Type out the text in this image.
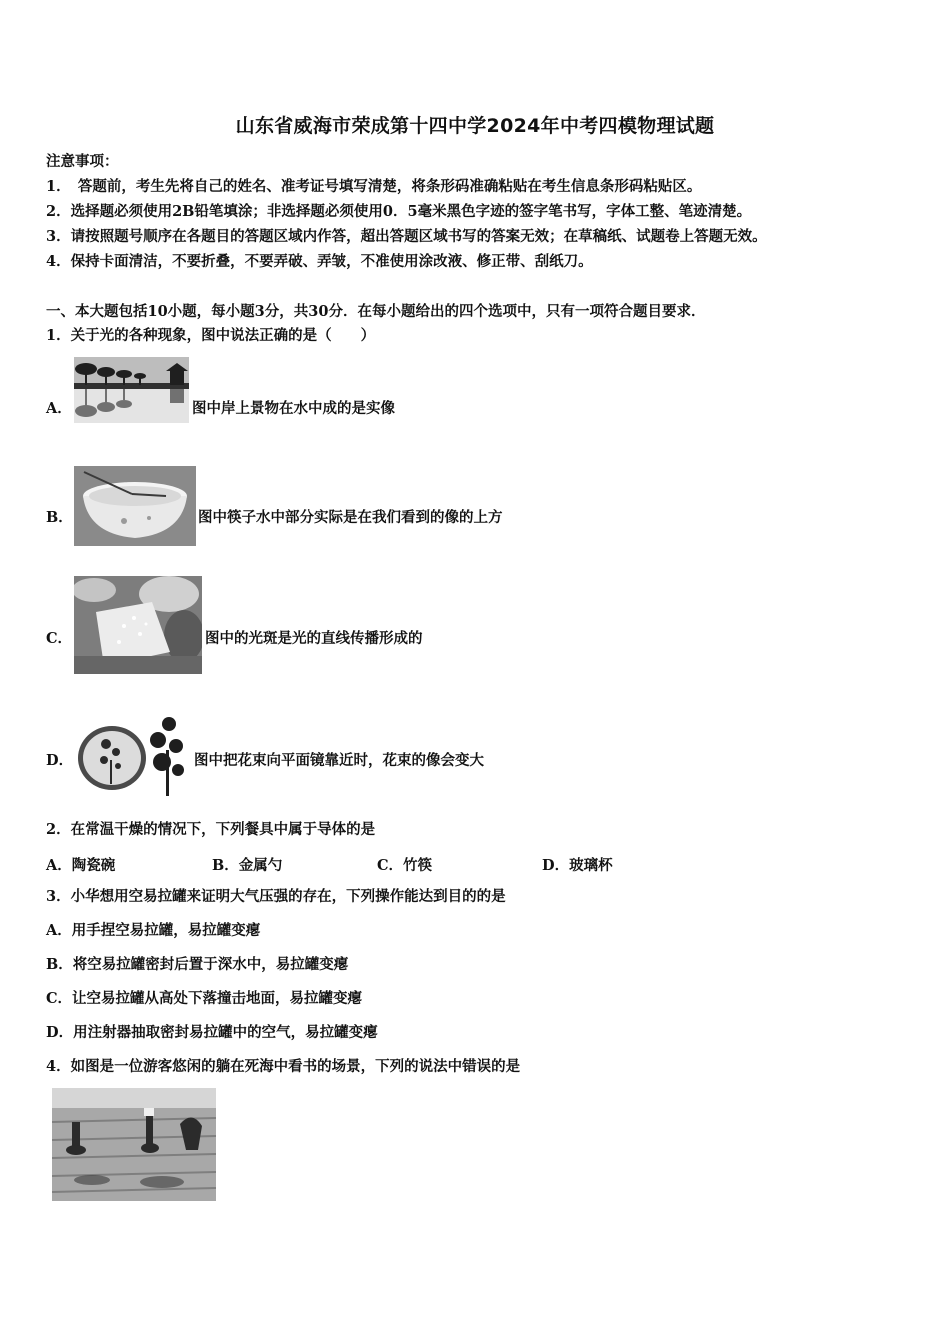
山东省威海市荣成第十四中学2024年中考四模物理试题
注意事项：
1．　答题前，考生先将自己的姓名、准考证号填写清楚，将条形码准确粘贴在考生信息条形码粘贴区。
2．选择题必须使用2B铅笔填涂；非选择题必须使用0．5毫米黑色字迹的签字笔书写，字体工整、笔迹清楚。
3．请按照题号顺序在各题目的答题区域内作答，超出答题区域书写的答案无效；在草稿纸、试题卷上答题无效。
4．保持卡面清洁，不要折叠，不要弄破、弄皱，不准使用涂改液、修正带、刮纸刀。
一、本大题包括10小题，每小题3分，共30分．在每小题给出的四个选项中，只有一项符合题目要求．
1．关于光的各种现象，图中说法正确的是（　　）
A．	图中岸上景物在水中成的是实像
B．	图中筷子水中部分实际是在我们看到的像的上方
C．	图中的光斑是光的直线传播形成的
D．	图中把花束向平面镜靠近时，花束的像会变大
2．在常温干燥的情况下，下列餐具中属于导体的是
A．陶瓷碗	B．金属勺	C．竹筷	D．玻璃杯
3．小华想用空易拉罐来证明大气压强的存在，下列操作能达到目的的是
A．用手捏空易拉罐，易拉罐变瘪
B．将空易拉罐密封后置于深水中，易拉罐变瘪
C．让空易拉罐从高处下落撞击地面，易拉罐变瘪
D．用注射器抽取密封易拉罐中的空气，易拉罐变瘪
4．如图是一位游客悠闲的躺在死海中看书的场景，下列的说法中错误的是
